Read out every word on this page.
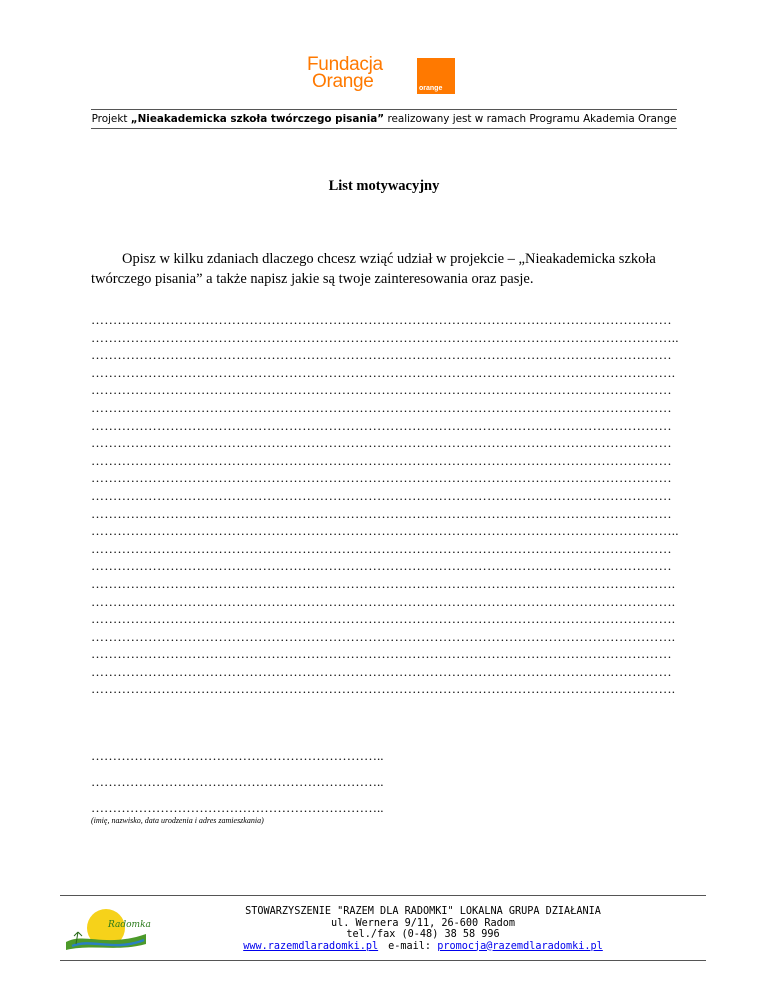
Fundacja
Orange	orange
Projekt „Nieakademicka szkoła twórczego pisania” realizowany jest w ramach Programu Akademia Orange
List motywacyjny
Opisz w kilku zdaniach dlaczego chcesz wziąć udział w projekcie – „Nieakademicka szkoła twórczego pisania” a także napisz jakie są twoje zainteresowania oraz pasje.
……………………………………………………………………………………………………………………
……………………………………………………………………………………………………………………..
……………………………………………………………………………………………………………………
…………………………………………………………………………………………………………………….
……………………………………………………………………………………………………………………
……………………………………………………………………………………………………………………
……………………………………………………………………………………………………………………
……………………………………………………………………………………………………………………
……………………………………………………………………………………………………………………
……………………………………………………………………………………………………………………
……………………………………………………………………………………………………………………
……………………………………………………………………………………………………………………
……………………………………………………………………………………………………………………..
……………………………………………………………………………………………………………………
……………………………………………………………………………………………………………………
…………………………………………………………………………………………………………………….
…………………………………………………………………………………………………………………….
…………………………………………………………………………………………………………………….
…………………………………………………………………………………………………………………….
……………………………………………………………………………………………………………………
……………………………………………………………………………………………………………………
…………………………………………………………………………………………………………………….
…………………………………………………………..
…………………………………………………………..
…………………………………………………………..
(imię, nazwisko, data urodzenia i adres zamieszkania)
Radomka
STOWARZYSZENIE "RAZEM DLA RADOMKI" LOKALNA GRUPA DZIAŁANIA
ul. Wernera 9/11, 26-600 Radom
tel./fax (0-48) 38 58 996
www.razemdlaradomki.pl e-mail: promocja@razemdlaradomki.pl
